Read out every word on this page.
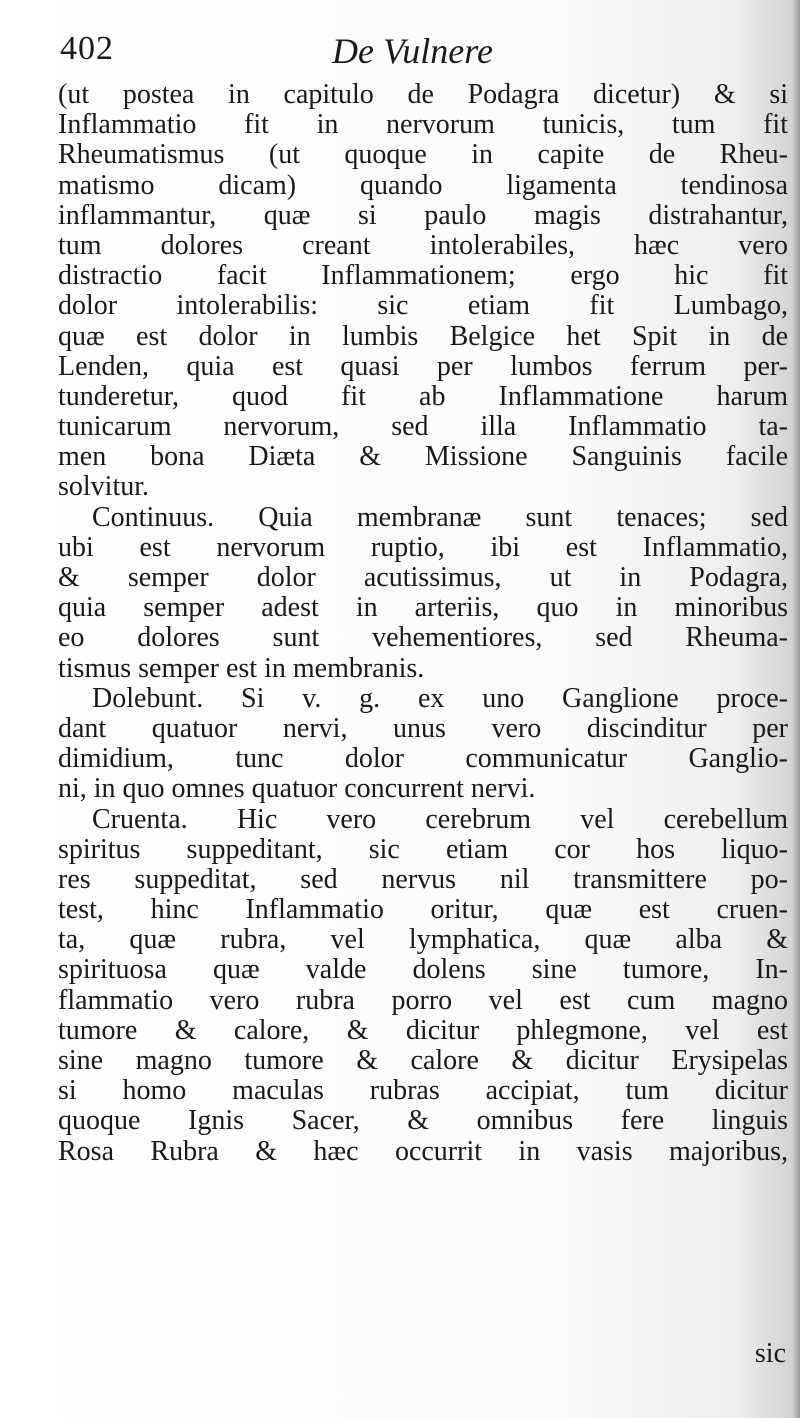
402	De Vulnere
(ut postea in capitulo de Podagra dicetur) & si
Inflammatio fit in nervorum tunicis, tum fit
Rheumatismus (ut quoque in capite de Rheu-
matismo dicam) quando ligamenta tendinosa
inflammantur, quæ si paulo magis distrahantur,
tum dolores creant intolerabiles, hæc vero
distractio facit Inflammationem; ergo hic fit
dolor intolerabilis: sic etiam fit Lumbago,
quæ est dolor in lumbis Belgice het Spit in de
Lenden, quia est quasi per lumbos ferrum per-
tunderetur, quod fit ab Inflammatione harum
tunicarum nervorum, sed illa Inflammatio ta-
men bona Diæta & Missione Sanguinis facile
solvitur.
Continuus. Quia membranæ sunt tenaces; sed
ubi est nervorum ruptio, ibi est Inflammatio,
& semper dolor acutissimus, ut in Podagra,
quia semper adest in arteriis, quo in minoribus
eo dolores sunt vehementiores, sed Rheuma-
tismus semper est in membranis.
Dolebunt. Si v. g. ex uno Ganglione proce-
dant quatuor nervi, unus vero discinditur per
dimidium, tunc dolor communicatur Ganglio-
ni, in quo omnes quatuor concurrent nervi.
Cruenta. Hic vero cerebrum vel cerebellum
spiritus suppeditant, sic etiam cor hos liquo-
res suppeditat, sed nervus nil transmittere po-
test, hinc Inflammatio oritur, quæ est cruen-
ta, quæ rubra, vel lymphatica, quæ alba &
spirituosa quæ valde dolens sine tumore, In-
flammatio vero rubra porro vel est cum magno
tumore & calore, & dicitur phlegmone, vel est
sine magno tumore & calore & dicitur Erysipelas
si homo maculas rubras accipiat, tum dicitur
quoque Ignis Sacer, & omnibus fere linguis
Rosa Rubra & hæc occurrit in vasis majoribus,
sic
